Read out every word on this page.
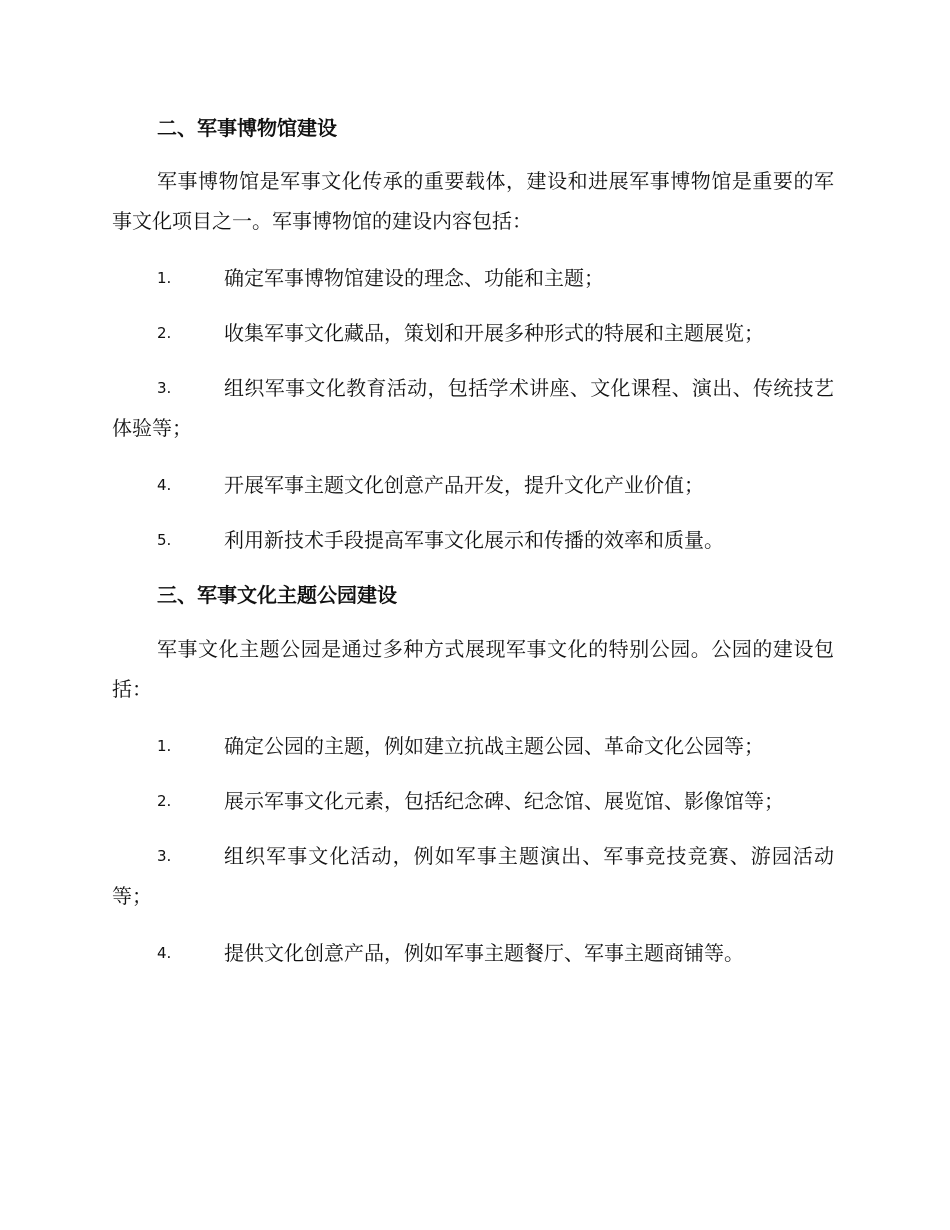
二、军事博物馆建设

军事博物馆是军事文化传承的重要载体，建设和进展军事博物馆是重要的军事文化项目之一。军事博物馆的建设内容包括：

1.	确定军事博物馆建设的理念、功能和主题；
2.	收集军事文化藏品，策划和开展多种形式的特展和主题展览；
3.	组织军事文化教育活动，包括学术讲座、文化课程、演出、传统技艺体验等；
4.	开展军事主题文化创意产品开发，提升文化产业价值；
5.	利用新技术手段提高军事文化展示和传播的效率和质量。
三、军事文化主题公园建设

军事文化主题公园是通过多种方式展现军事文化的特别公园。公园的建设包括：

1.	确定公园的主题，例如建立抗战主题公园、革命文化公园等；
2.	展示军事文化元素，包括纪念碑、纪念馆、展览馆、影像馆等；
3.	组织军事文化活动，例如军事主题演出、军事竞技竞赛、游园活动等；
4.	提供文化创意产品，例如军事主题餐厅、军事主题商铺等。
